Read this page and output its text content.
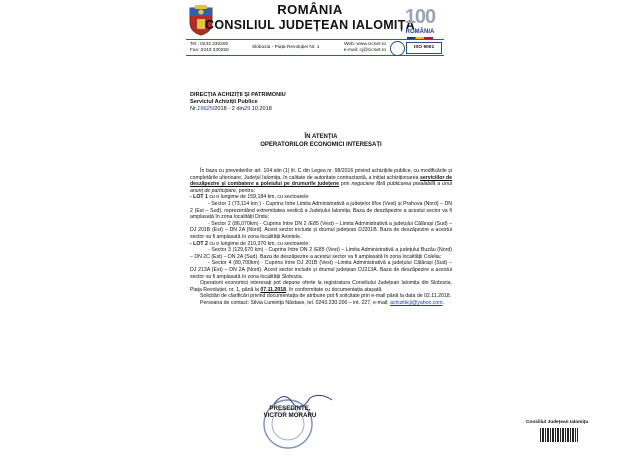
ROMÂNIA
CONSILIUL JUDEȚEAN IALOMIȚA
100
ROMÂNIA
Tel.: 0243 230200
Fax: 0243 230250
Slobozia - Piața Revoluției Nr. 1
Web: www.cicnet.ro
e-mail: cj@cicnet.ro
ISO 9001
DIRECȚIA ACHIZIȚII ȘI PATRIMONIU
Serviciul Achiziții Publice
Nr.19625/2018 - 2 din29.10.2018
ÎN ATENȚIA
OPERATORILOR ECONOMICI INTERESAȚI
În baza cu prevederilor art. 104 alin (1) lit. C din Legea nr. 98/2016 privind achizițiile publice, cu modificările și completările ulterioare, Județul Ialomița, în calitate de autoritate contractantă, a inițiat achiziționarea serviciilor de deszăpezire și combatere a poleiului pe drumurile județene prin negociere fără publicarea prealabilă a unui anunț de participare, pentru:
- LOT 1 cu o lungime de 159,184 km, cu sectoarele:
- Sector 1 (73,114 km ) - Cuprins între Limita Administrativă a județelor Ilfov (Vest) și Prahova (Nord) – DN 2 (Est – Sud), reprezentând extremitatea vestică a Județului Ialomița. Baza de deszăpezire a acestui sector va fi amplasată în zona localității Dridu;
- Sector 2 (86,070km) - Cuprins între DN 2 /E85 (Vest) – Limita Administrativă a județului Călărași (Sud) – DJ 201B (Est) – DN 2A (Nord). Acest sector include și drumul județean DJ201B. Baza de deszăpezire a acestui sector va fi amplasată în zona localității Axintele.
- LOT 2 cu o lungime de 210,370 km, cu sectoarele:
- Sector 3 (129,670 km) - Cuprins între DN 2 /E85 (Vest) – Limita Administrativă a județului Buzău (Nord) – DN 2C (Est) – DN 2A (Sud). Baza de deszăpezire a acestui sector va fi amplasată în zona localității Colelia;
- Sector 4 (80,700km) - Cuprins între DJ 201B (Vest) –Limita Administrativă a județului Călărași (Sud) – DJ 213A (Est) – DN 2A (Nord). Acest sector include și drumul județean DJ213A. Baza de deszăpezire a acestui sector va fi amplasată în zona localității Slobozia.
Operatorii economici interesați pot depune oferte la registratura Consiliului Județean Ialomița din Slobozia, Piața Revoluției, nr. 1, până la 07.11.2018, în conformitate cu documentația atașată.
Solicitări de clarificări privind documentația de atribuire pot fi solicitate prin e-mail până la data de 02.11.2018.
Persoana de contact: Silvia Luminița Năstase, tel. 0243.230.200 – int. 227, e-mail: achizitiicji@yahoo.com.
PREȘEDINTE,
VICTOR MORARU
Consiliul Județean Ialomița
